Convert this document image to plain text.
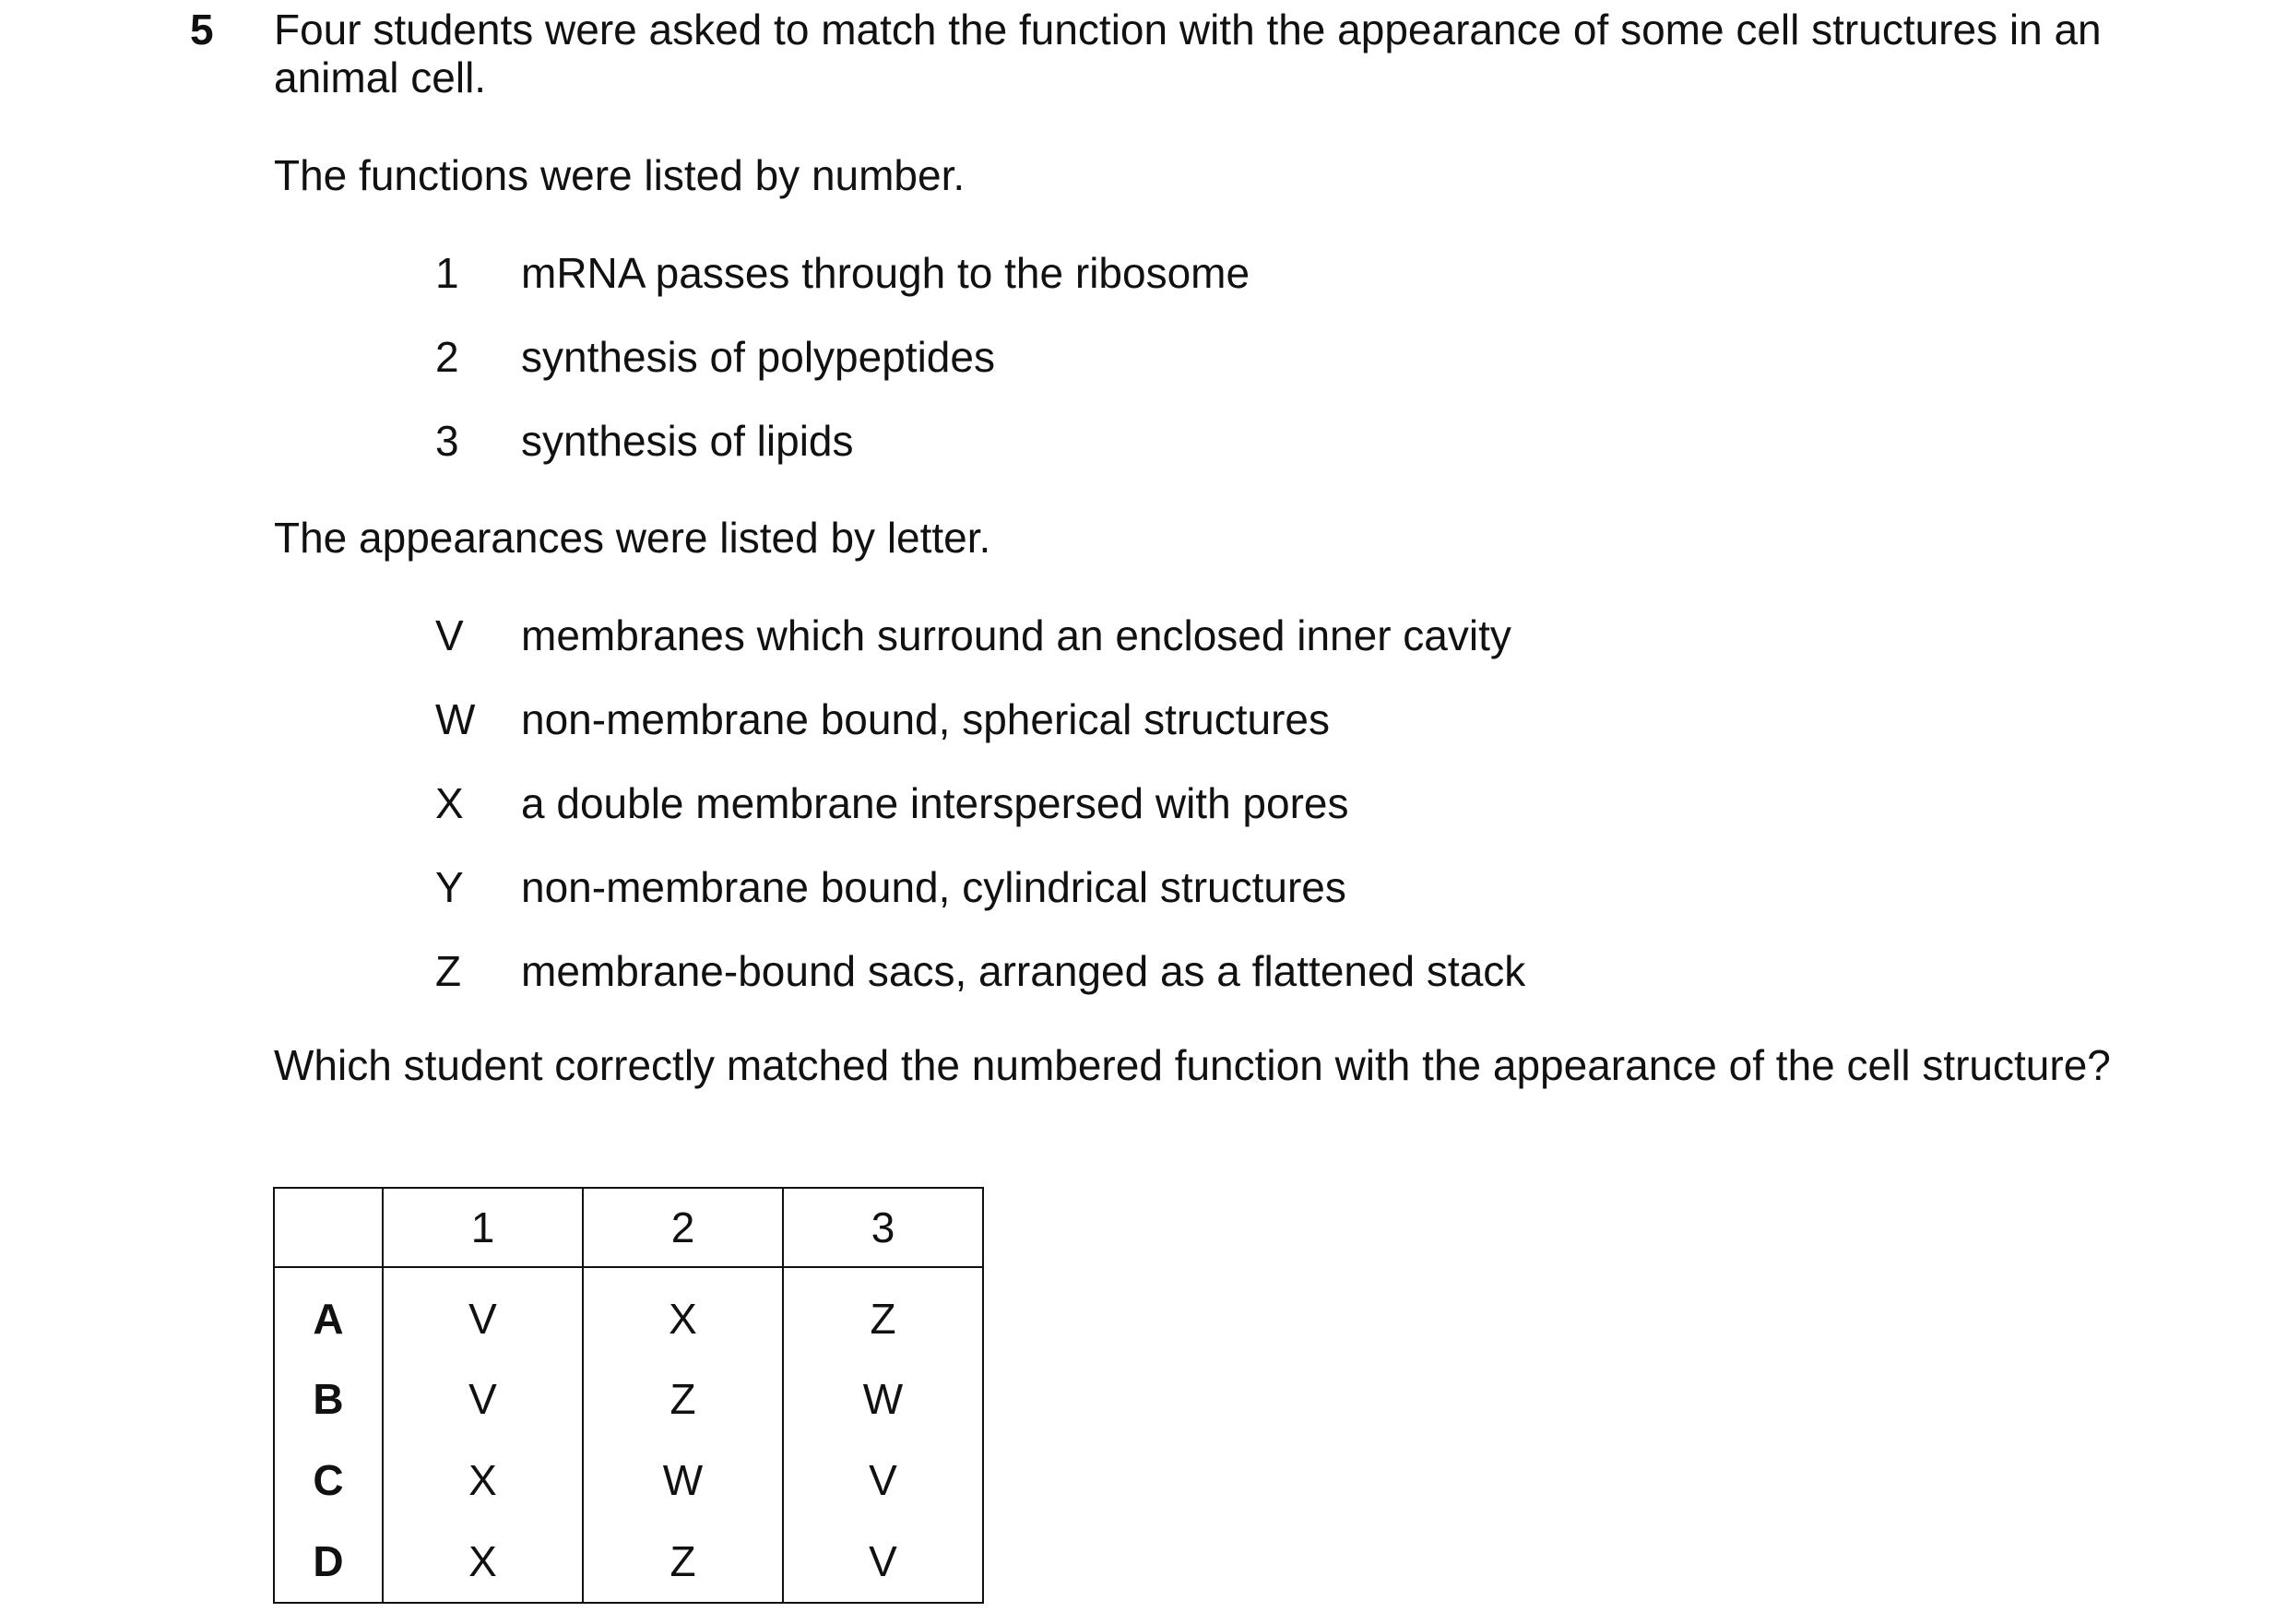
5 Four students were asked to match the function with the appearance of some cell structures in an
animal cell.
The functions were listed by number.
1	mRNA passes through to the ribosome
2	synthesis of polypeptides
3	synthesis of lipids
The appearances were listed by letter.
V	membranes which surround an enclosed inner cavity
W	non-membrane bound, spherical structures
X	a double membrane interspersed with pores
Y	non-membrane bound, cylindrical structures
Z	membrane-bound sacs, arranged as a flattened stack
Which student correctly matched the numbered function with the appearance of the cell structure?
	1	2	3
A	V	X	Z
B	V	Z	W
C	X	W	V
D	X	Z	V
